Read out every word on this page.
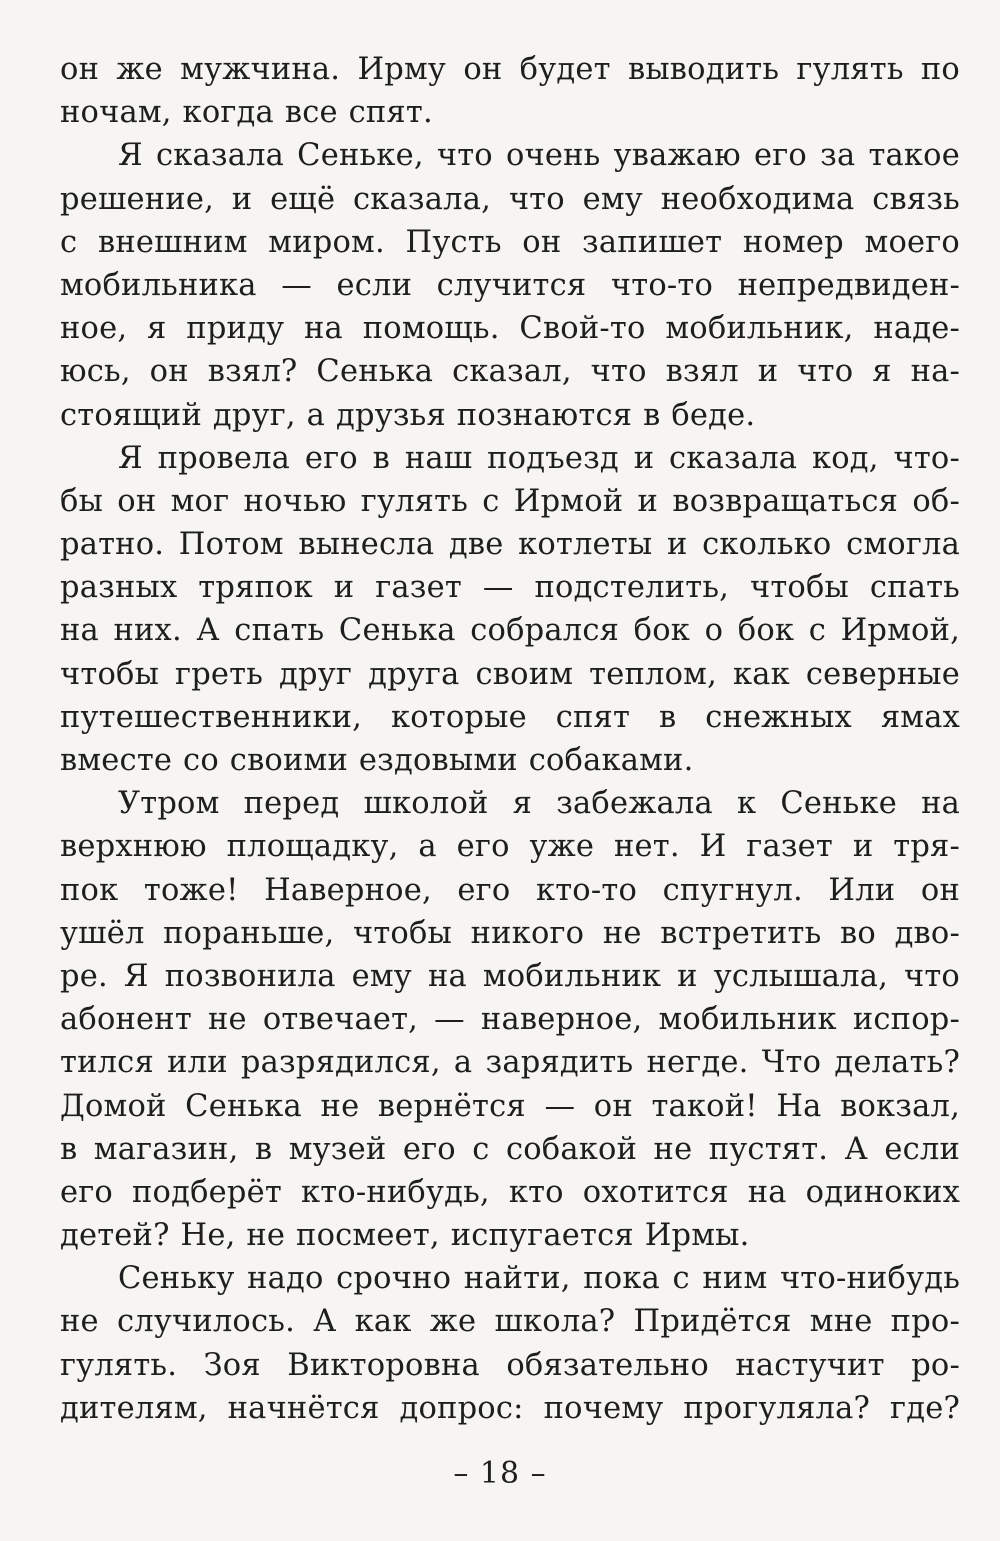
он же мужчина. Ирму он будет выводить гулять по
ночам, когда все спят.
Я сказала Сеньке, что очень уважаю его за такое
решение, и ещё сказала, что ему необходима связь
с внешним миром. Пусть он запишет номер моего
мобильника — если случится что-то непредвиден-
ное, я приду на помощь. Свой-то мобильник, наде-
юсь, он взял? Сенька сказал, что взял и что я на-
стоящий друг, а друзья познаются в беде.
Я провела его в наш подъезд и сказала код, что-
бы он мог ночью гулять с Ирмой и возвращаться об-
ратно. Потом вынесла две котлеты и сколько смогла
разных тряпок и газет — подстелить, чтобы спать
на них. А спать Сенька собрался бок о бок с Ирмой,
чтобы греть друг друга своим теплом, как северные
путешественники, которые спят в снежных ямах
вместе со своими ездовыми собаками.
Утром перед школой я забежала к Сеньке на
верхнюю площадку, а его уже нет. И газет и тря-
пок тоже! Наверное, его кто-то спугнул. Или он
ушёл пораньше, чтобы никого не встретить во дво-
ре. Я позвонила ему на мобильник и услышала, что
абонент не отвечает, — наверное, мобильник испор-
тился или разрядился, а зарядить негде. Что делать?
Домой Сенька не вернётся — он такой! На вокзал,
в магазин, в музей его с собакой не пустят. А если
его подберёт кто-нибудь, кто охотится на одиноких
детей? Не, не посмеет, испугается Ирмы.
Сеньку надо срочно найти, пока с ним что-нибудь
не случилось. А как же школа? Придётся мне про-
гулять. Зоя Викторовна обязательно настучит ро-
дителям, начнётся допрос: почему прогуляла? где?
– 18 –
